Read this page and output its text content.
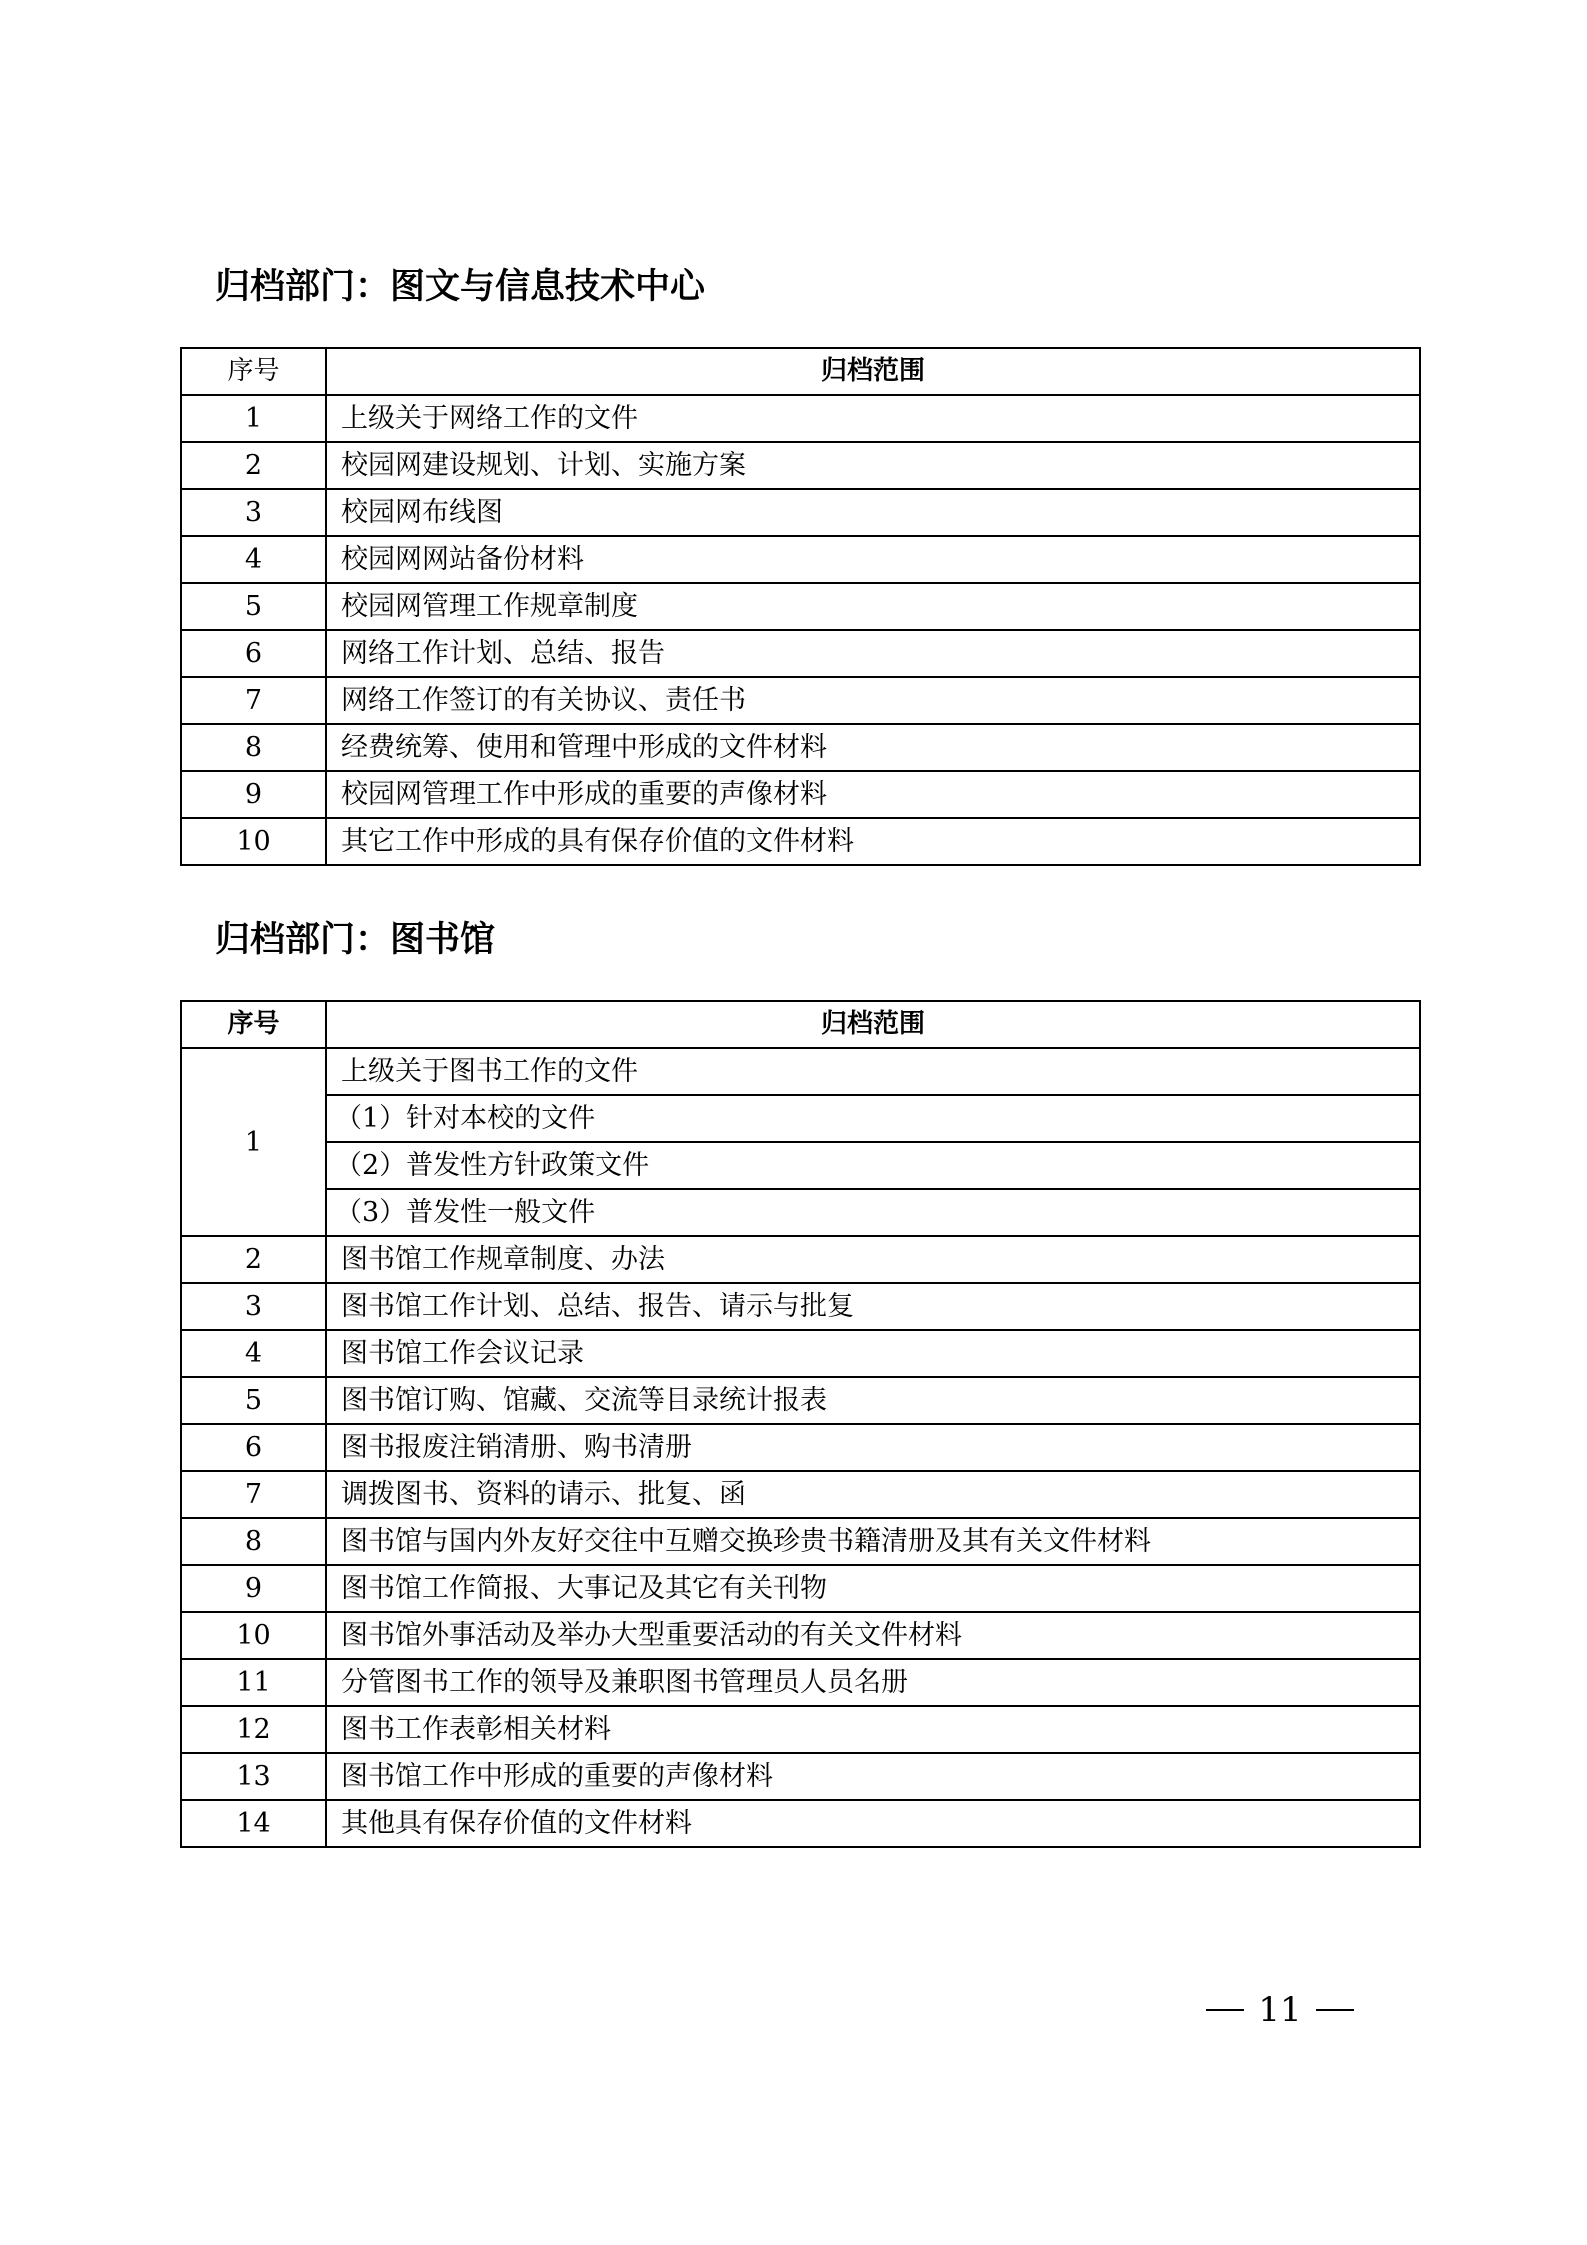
归档部门：图文与信息技术中心
序号	归档范围
1	上级关于网络工作的文件
2	校园网建设规划、计划、实施方案
3	校园网布线图
4	校园网网站备份材料
5	校园网管理工作规章制度
6	网络工作计划、总结、报告
7	网络工作签订的有关协议、责任书
8	经费统筹、使用和管理中形成的文件材料
9	校园网管理工作中形成的重要的声像材料
10	其它工作中形成的具有保存价值的文件材料
归档部门：图书馆
序号	归档范围
1	上级关于图书工作的文件
	（1）针对本校的文件
	（2）普发性方针政策文件
	（3）普发性一般文件
2	图书馆工作规章制度、办法
3	图书馆工作计划、总结、报告、请示与批复
4	图书馆工作会议记录
5	图书馆订购、馆藏、交流等目录统计报表
6	图书报废注销清册、购书清册
7	调拨图书、资料的请示、批复、函
8	图书馆与国内外友好交往中互赠交换珍贵书籍清册及其有关文件材料
9	图书馆工作简报、大事记及其它有关刊物
10	图书馆外事活动及举办大型重要活动的有关文件材料
11	分管图书工作的领导及兼职图书管理员人员名册
12	图书工作表彰相关材料
13	图书馆工作中形成的重要的声像材料
14	其他具有保存价值的文件材料
11
